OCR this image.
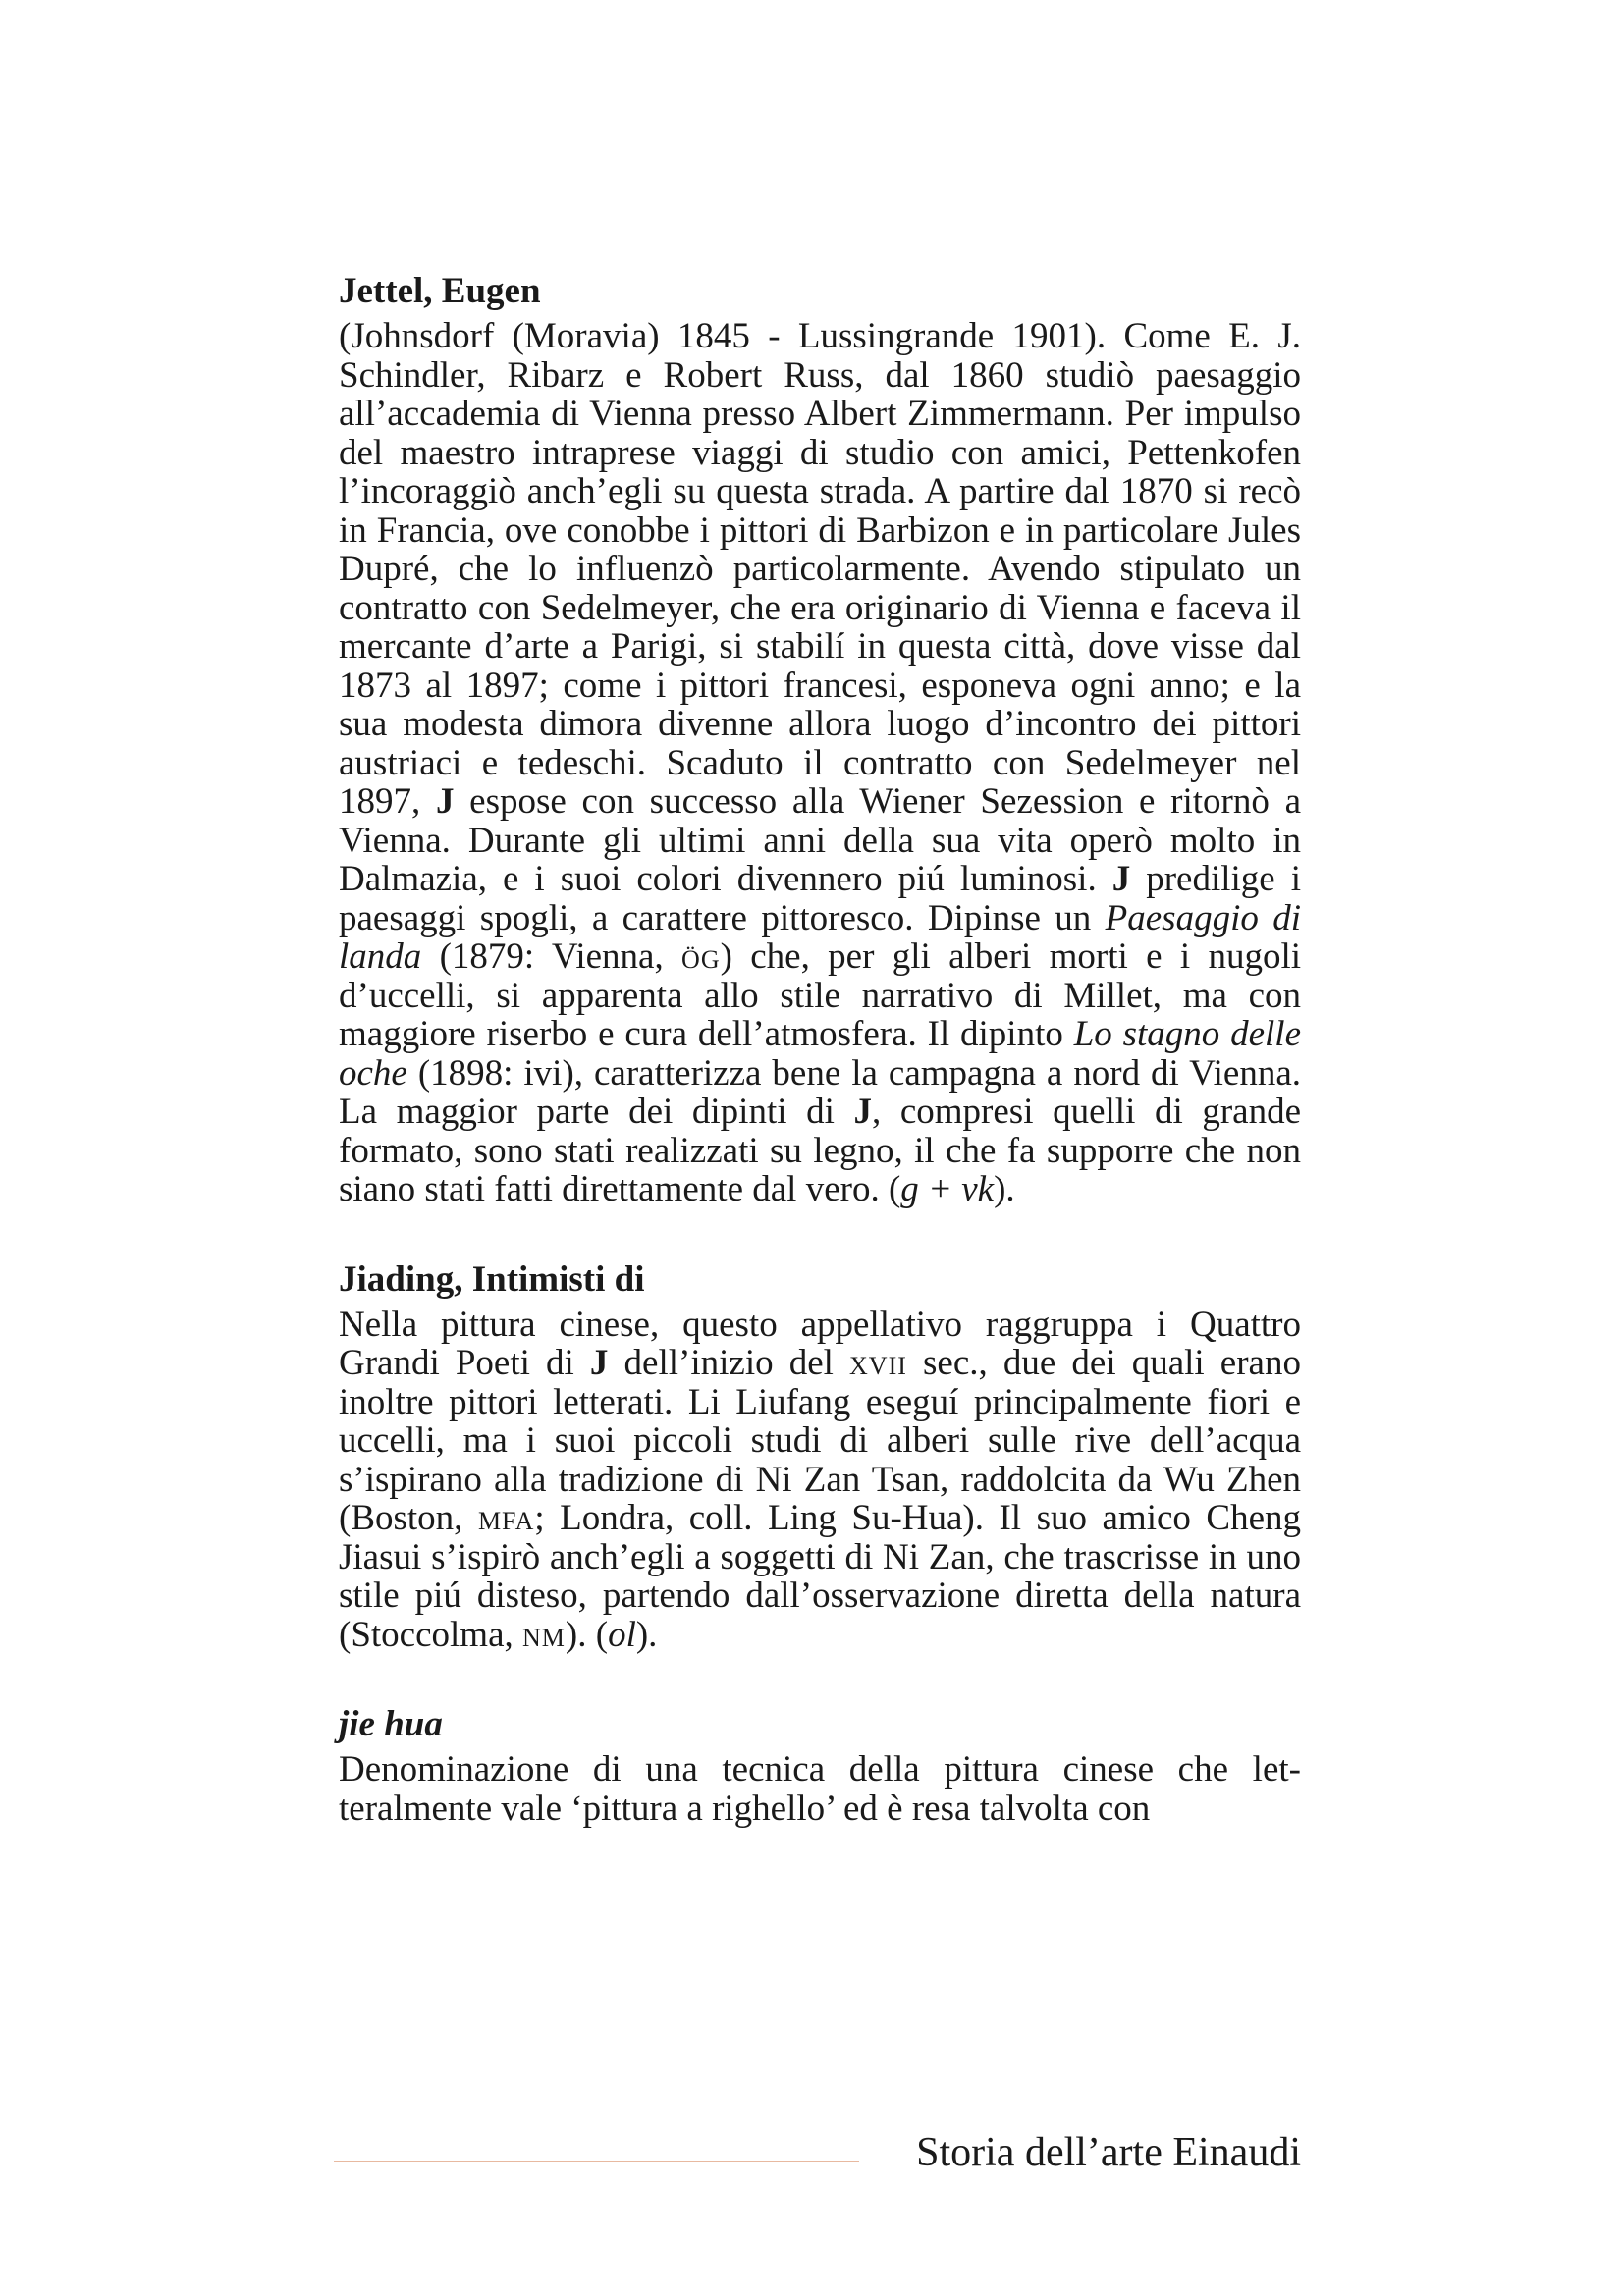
Jettel, Eugen

(Johnsdorf (Moravia) 1845 - Lussingrande 1901). Come E. J. Schindler, Ribarz e Robert Russ, dal 1860 studiò paesaggio all’accademia di Vienna presso Albert Zimmermann. Per impulso del maestro intraprese viaggi di studio con amici, Pettenkofen l’incoraggiò anch’egli su questa strada. A partire dal 1870 si recò in Francia, ove conobbe i pittori di Barbizon e in particolare Jules Dupré, che lo influenzò particolarmente. Avendo stipulato un contratto con Sedelmeyer, che era originario di Vienna e faceva il mercante d’arte a Parigi, si stabilí in questa città, dove visse dal 1873 al 1897; come i pittori francesi, esponeva ogni anno; e la sua modesta dimora divenne allora luogo d’incontro dei pittori austriaci e tedeschi. Scaduto il contratto con Sedelmeyer nel 1897, J espose con successo alla Wiener Sezession e ritornò a Vienna. Durante gli ultimi anni della sua vita operò molto in Dalmazia, e i suoi colori divennero piú luminosi. J predilige i paesaggi spogli, a carattere pittoresco. Dipinse un Paesaggio di landa (1879: Vienna, ög) che, per gli alberi morti e i nugoli d’uccelli, si apparenta allo stile narrativo di Millet, ma con maggiore riserbo e cura dell’atmosfera. Il dipinto Lo stagno delle oche (1898: ivi), caratterizza bene la campagna a nord di Vienna. La maggior parte dei dipinti di J, compresi quelli di grande formato, sono stati realizzati su legno, il che fa supporre che non siano stati fatti direttamente dal vero. (g + vk).

Jiading, Intimisti di

Nella pittura cinese, questo appellativo raggruppa i Quattro Grandi Poeti di J dell’inizio del xvii sec., due dei quali erano inoltre pittori letterati. Li Liufang eseguí principalmente fiori e uccelli, ma i suoi piccoli studi di alberi sulle rive dell’acqua s’ispirano alla tradizione di Ni Zan Tsan, raddolcita da Wu Zhen (Boston, mfa; Londra, coll. Ling Su-Hua). Il suo amico Cheng Jiasui s’ispirò anch’egli a soggetti di Ni Zan, che trascrisse in uno stile piú disteso, partendo dall’osservazione diretta della natura (Stoccolma, nm). (ol).

jie hua

Denominazione di una tecnica della pittura cinese che letteralmente vale ‘pittura a righello’ ed è resa talvolta con

Storia dell’arte Einaudi
